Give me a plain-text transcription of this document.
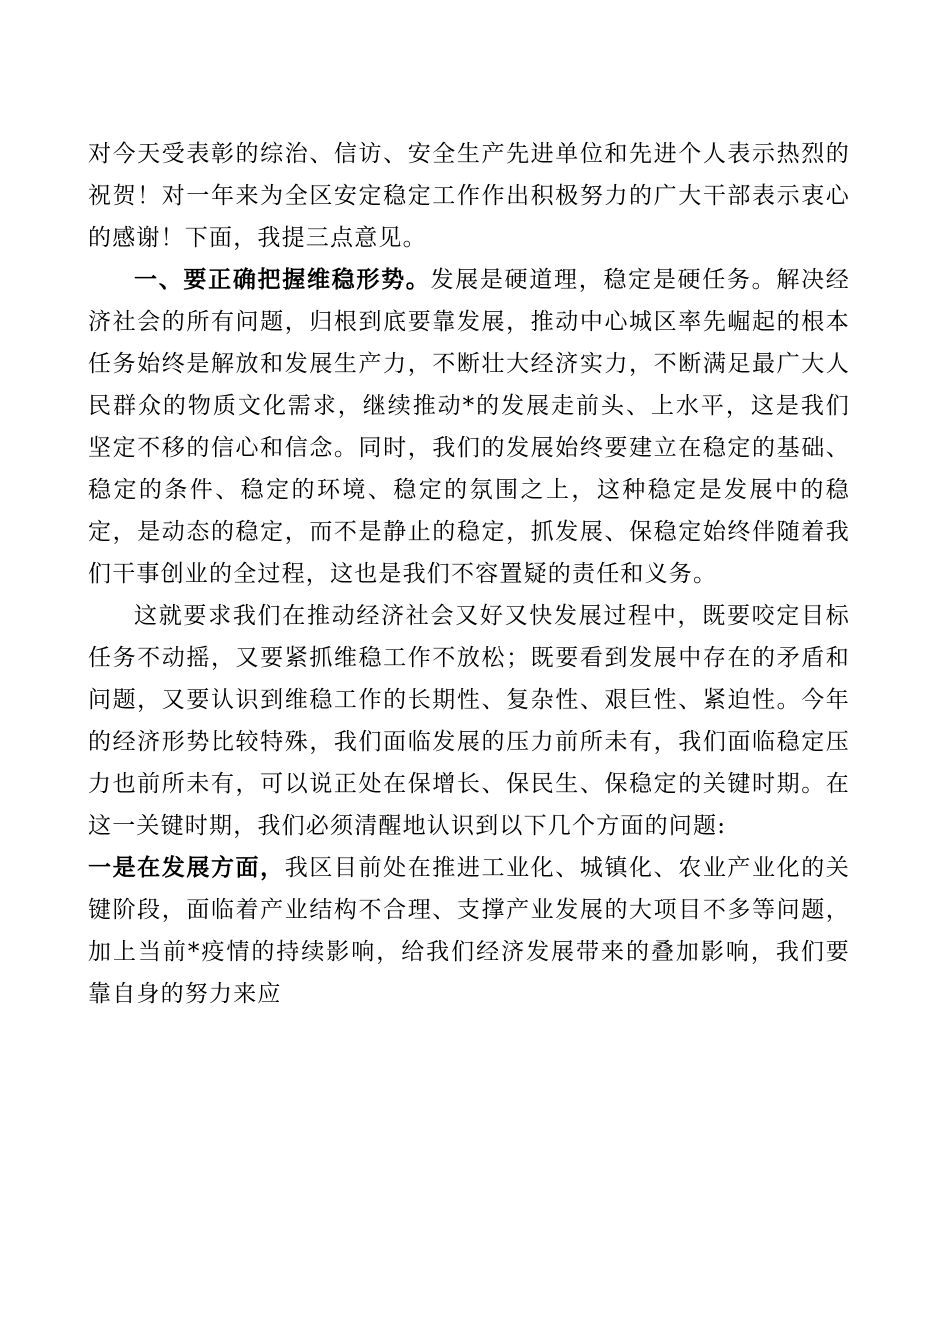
对今天受表彰的综治、信访、安全生产先进单位和先进个人表示热烈的祝贺！对一年来为全区安定稳定工作作出积极努力的广大干部表示衷心的感谢！下面，我提三点意见。

一、要正确把握维稳形势。发展是硬道理，稳定是硬任务。解决经济社会的所有问题，归根到底要靠发展，推动中心城区率先崛起的根本任务始终是解放和发展生产力，不断壮大经济实力，不断满足最广大人民群众的物质文化需求，继续推动*的发展走前头、上水平，这是我们坚定不移的信心和信念。同时，我们的发展始终要建立在稳定的基础、稳定的条件、稳定的环境、稳定的氛围之上，这种稳定是发展中的稳定，是动态的稳定，而不是静止的稳定，抓发展、保稳定始终伴随着我们干事创业的全过程，这也是我们不容置疑的责任和义务。

这就要求我们在推动经济社会又好又快发展过程中，既要咬定目标任务不动摇，又要紧抓维稳工作不放松；既要看到发展中存在的矛盾和问题，又要认识到维稳工作的长期性、复杂性、艰巨性、紧迫性。今年的经济形势比较特殊，我们面临发展的压力前所未有，我们面临稳定压力也前所未有，可以说正处在保增长、保民生、保稳定的关键时期。在这一关键时期，我们必须清醒地认识到以下几个方面的问题:

一是在发展方面，我区目前处在推进工业化、城镇化、农业产业化的关键阶段，面临着产业结构不合理、支撑产业发展的大项目不多等问题，加上当前*疫情的持续影响，给我们经济发展带来的叠加影响，我们要靠自身的努力来应
